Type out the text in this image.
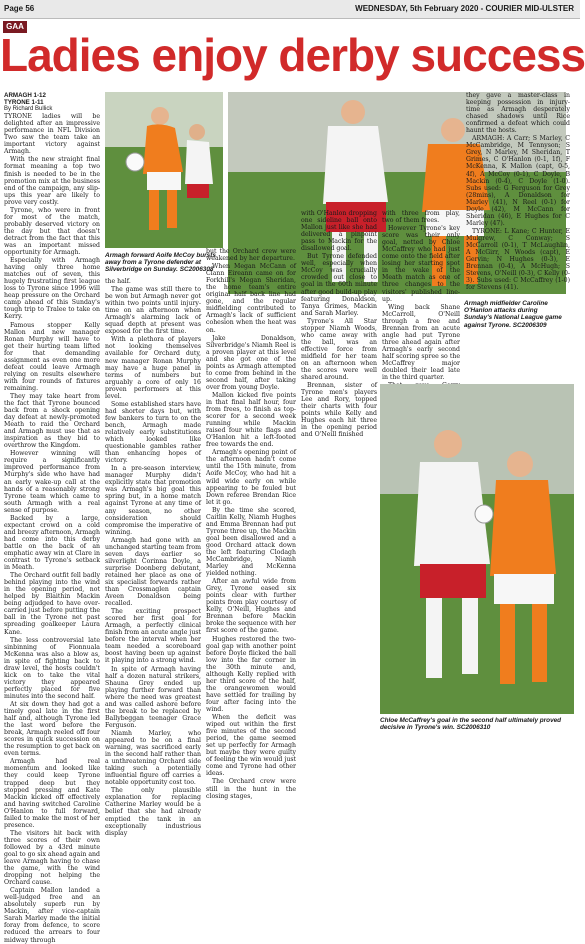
Page 56	WEDNESDAY, 5th February 2020 - COURIER MID-ULSTER
GAA
Ladies enjoy derby success
ARMAGH 1-12
TYRONE 1-11
By Richard Bullick

TYRONE ladies will be delighted after an impressive performance in NFL Division Two saw the team take an important victory against Armagh.

With the new straight final format meaning a top two finish is needed to be in the promotion mix at the business end of the campaign, any slip-ups this year are likely to prove very costly.

Tyrone, who were in front for most of the match, probably deserved victory on the day but that doesn't detract from the fact that this was an important missed opportunity for Armagh.

Especially with Armagh having only three home matches out of seven, this hugely frustrating first league loss to Tyrone since 1996 will heap pressure on the Orchard camp ahead of this Sunday's tough trip to Tralee to take on Kerry.

Famous stopper Kelly Mallon and new manager Ronan Murphy will have to get their hurting team lifted for that demanding assignment as even one more defeat could leave Armagh relying on results elsewhere with four rounds of fixtures remaining.

They may take heart from the fact that Tyrone bounced back from a shock opening day defeat at newly-promoted Meath to raid the Orchard and Armagh must use that as inspiration as they bid to overthrow the Kingdom.

However winning will require a significantly improved performance from Murphy's side who have had an early wake-up call at the hands of a reasonably strong Tyrone team which came to south Armagh with a real sense of purpose.

Backed by a large, expectant crowd on a cold and breezy afternoon, Armagh had come into this derby battle on the back of an emphatic away win at Clare in contrast to Tyrone's setback in Meath.

The Orchard outfit fell badly behind playing into the wind in the opening period, not helped by Blaithin Mackin being adjudged to have over-carried just before putting the ball in the Tyrone net past spreading goalkeeper Laura Kane.

The less controversial late sinbinning of Fionnuala McKenna was also a blow as, in spite of fighting back to draw level, the hosts couldn't kick on to take the vital victory they appeared perfectly placed for five minutes into the second half.

At six down they had got a timely goal late in the first half and, although Tyrone led the last word before the break, Armagh reeled off four scores in quick succession on the resumption to get back on even terms.

Armagh had real momentum and looked like they could keep Tyrone trapped deep but they stopped pressing and Kate Mackin kicked off effectively and having switched Caroline O'Hanlon to full forward, failed to make the most of her presence.

The visitors hit back with three scores of their own followed by a 43rd minute goal to go six ahead again and leave Armagh having to chase the game, with the wind dropping not helping the Orchard cause.

Captain Mallon landed a well-judged free and an absolutely superb run by Mackin, after vice-captain Sarah Marley made the initial foray from defence, to score reduced the arrears to four midway through

Armagh forward Aoife McCoy bursts away from a Tyrone defender at Silverbridge on Sunday. SC2006308
Armagh midfielder Caroline O'Hanlon attacks during Sunday's National League game against Tyrone. SC2006309

the half.

The game was still there to be won but Armagh never got within two points until injury-time on an afternoon when Armagh's alarming lack of squad depth at present was exposed for the first time.

With a plethora of players not looking themselves available for Orchard duty, new manager Ronan Murphy may have a huge panel in terms of numbers but arguably a core of only 16 proven performers at this level.

Some established stars have had shorter days but, with few bankers to turn to on the bench, Armagh made relatively early substitutions which looked like questionable gambles rather than enhancing hopes of victory.

In a pre-season interview, manager Murphy didn't explicitly state that promotion was Armagh's big goal this spring but, in a home match against Tyrone at any time of any season, no other consideration should compromise the imperative of winning.

Armagh had gone with an unchanged starting team from seven days earlier so silverlight Corinna Doyle, a surprise Doonberg debutant, retained her place as one of six specialist forwards rather than Crossmaglen captain Aveen Donaldson being recalled.

The exciting prospect scored her first goal for Armagh, a perfectly clinical finish from an acute angle just before the interval when her team needed a scoreboard boost having been up against it playing into a strong wind.

In spite of Armagh having half a dozen natural strikers, Shauna Grey ended up playing further forward than where the need was greatest and was called ashore before the break to be replaced by Ballybeggan teenager Grace Ferguson.

Niamh Marley, who appeared to be on a final warning, was sacrificed early in the second half rather than a unthreatening Orchard side taking such a potentially influential figure off carries a notable opportunity cost too.

The only plausible explanation for replacing Catherine Marley would be a belief that she had already emptied the tank in an exceptionally industrious display

but the Orchard crew were weakened by her departure.

When Megan McCann of Clann Eireann came on for Forkhill's Megan Sheridan, the home team's entire original half back line had gone, and the regular midfielding contributed to Armagh's lack of sufficient cohesion when the heat was on.

Jake Donaldson, Silverbridge's Niamh Reel is a proven player at this level and she got one of the points as Armagh attempted to come from behind in the second half, after taking over from young Doyle.

Mallon kicked five points in that final half hour, four from frees, to finish as top-scorer for a second week running while Mackin raised four white flags and O'Hanlon hit a left-footed free towards the end.

Armagh's opening point of the afternoon hadn't come until the 15th minute, from Aoife McCoy, who had hit a wild wide early on while appearing to be fouled but Down referee Brendan Rice let it go.

By the time she scored, Caitlin Kelly, Niamh Hughes and Emma Brennan had put Tyrone three up, the Mackin goal been disallowed and a good Orchard attack down the left featuring Clodagh McCambridge, Niamh Marley and McKenna yielded nothing.

After an awful wide from Grey, Tyrone eased six points clear with further points from play courtesy of Kelly, O'Neill, Hughes and Brennan before Mackin broke the sequence with her first score of the game.

Hughes restored the two-goal gap with another point before Doyle flicked the ball low into the far corner in the 30th minute and, although Kelly replied with her third score of the half, the orangewomen would have settled for trailing by four after facing into the wind.

When the deficit was wiped out within the first five minutes of the second period, the game seemed set up perfectly for Armagh but maybe they were guilty of feeling the win would just come and Tyrone had other ideas.

The Orchard crew were still in the hunt in the closing stages,

with O'Hanlon dropping one sideline ball onto Mallon just like she had delivered a pinpoint pass to Mackin for the disallowed goal.

But Tyrone defended well, especially when McCoy was crucially crowded out close to goal in the 60th minute after good build-up play featuring Donaldson, Tanya Grimes, Mackin and Sarah Marley.

Tyrone's All Star stopper Niamh Woods, who came away with the ball, was an effective force from midfield for her team on an afternoon when the scores were well shared around.

Brennan, sister of Tyrone men's players Lee and Rory, topped their charts with four points while Kelly and Hughes each hit three in the opening period and O'Neill finished

with three from play, two of them frees.

However Tyrone's key score was their only goal, netted by Chloe McCaffrey who had just come onto the field after losing her starting spot in the wake of the Meath match as one of three changes to the visitors' published line-up.

Wing back Shane McCarroll, O'Neill through a free and Brennan from an acute angle had put Tyrone three ahead again after Armagh's early second half scoring spree so the McCaffrey major doubled their lead late in the third quarter.

they gave a master-class in keeping possession in injury-time as Armagh desperately chased shadows until Rice confirmed a defeat which could haunt the hosts.

ARMAGH: A Carr; S Marley, C McCambridge, M Tennyson; S Grey, N Marley, M Sheridan, T Grimes, C O'Hanlon (0-1, 1f), F McKenna, K Mallon (capt, 0-5, 4f), A McCoy (0-1), C Doyle, B Mackin (0-4), C Doyle (1-0). Subs used: G Ferguson for Grey (28mins), A Donaldson for Marley (41), N Reel (0-1) for Doyle (42), M McCann for Sheridan (46), E Hughes for C Marley (47).

TYRONE: L Kane; C Hunter, E Mulgrew, C Conway; S McCarroll (0-1), T McLaughlin, A McGirr, N Woods (capt), E Gervin; N Hughes (0-3), E Brennan (0-4), A McHugh; S Stevens, O'Neill (0-3), C Kelly (0-3). Subs used: C McCaffrey (1-0) for Stevens (41).

Chloe McCaffrey's goal in the second half ultimately proved decisive in Tyrone's win. SC2006310
